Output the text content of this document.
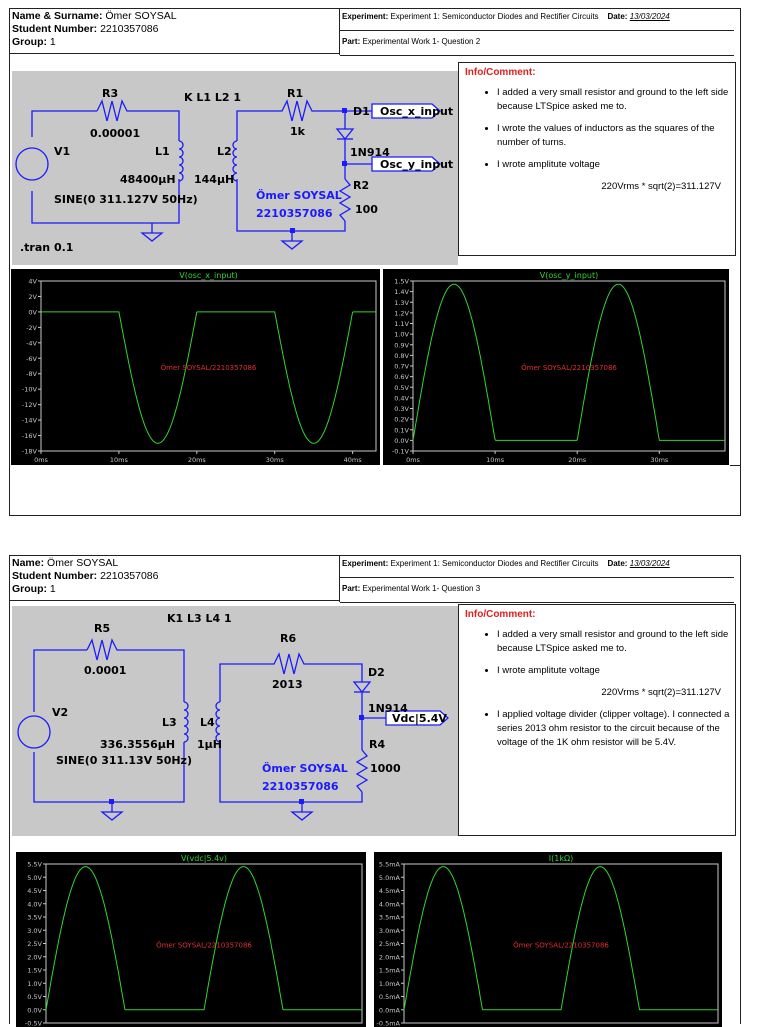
Name & Surname: Ömer SOYSAL
Student Number: 2210357086
Group: 1
Experiment: Experiment 1: Semiconductor Diodes and Rectifier Circuits Date: 13/03/2024
Part: Experimental Work 1- Question 2
R3
0.00001
K L1 L2 1	R1
1k
D1
1N914
Osc_x_input
Osc_y_input
V1
SINE(0 311.127V 50Hz)
L1
48400μH
L2
144μH	R2
100
.tran 0.1
Ömer SOYSAL
2210357086
Info/Comment:
• I added a very small resistor and ground to the left side because LTSpice asked me to.
• I wrote the values of inductors as the squares of the number of turns.
• I wrote amplitute voltage
220Vrms * sqrt(2)=311.127V
V(osc_x_input)
4V
2V
0V
-2V
-4V
-6V
-8V
-10V
-12V
-14V
-16V
-18V
0ms	10ms	20ms	30ms	40ms
Ömer SOYSAL/2210357086
V(osc_y_input)
1.5V
1.4V
1.3V
1.2V
1.1V
1.0V
0.9V
0.8V
0.7V
0.6V
0.5V
0.4V
0.3V
0.2V
0.1V
0.0V
-0.1V
0ms	10ms	20ms	30ms
Ömer SOYSAL/2210357086
Name: Ömer SOYSAL
Student Number: 2210357086
Group: 1
Experiment: Experiment 1: Semiconductor Diodes and Rectifier Circuits Date: 13/03/2024
Part: Experimental Work 1- Question 3
R5
0.0001
K1 L3 L4 1
R6
2013
D2
1N914
Vdc|5.4V
V2
336.3556μH
SINE(0 311.13V 50Hz)
L3 L4
1μH	R4
1000
Ömer SOYSAL
2210357086
Info/Comment:
• I added a very small resistor and ground to the left side because LTSpice asked me to.
• I wrote amplitute voltage
220Vrms * sqrt(2)=311.127V
• I applied voltage divider (clipper voltage). I connected a series 2013 ohm resistor to the circuit because of the voltage of the 1K ohm resistor will be 5.4V.
V(vdc|5.4v)
5.5V
5.0V
4.5V
4.0V
3.5V
3.0V
2.5V
2.0V
1.5V
1.0V
0.5V
0.0V
-0.5V
Ömer SOYSAL/2210357086
I(1kΩ)
5.5mA
5.0mA
4.5mA
4.0mA
3.5mA
3.0mA
2.5mA
2.0mA
1.5mA
1.0mA
0.5mA
0.0mA
-0.5mA
Ömer SOYSAL/2210357086
